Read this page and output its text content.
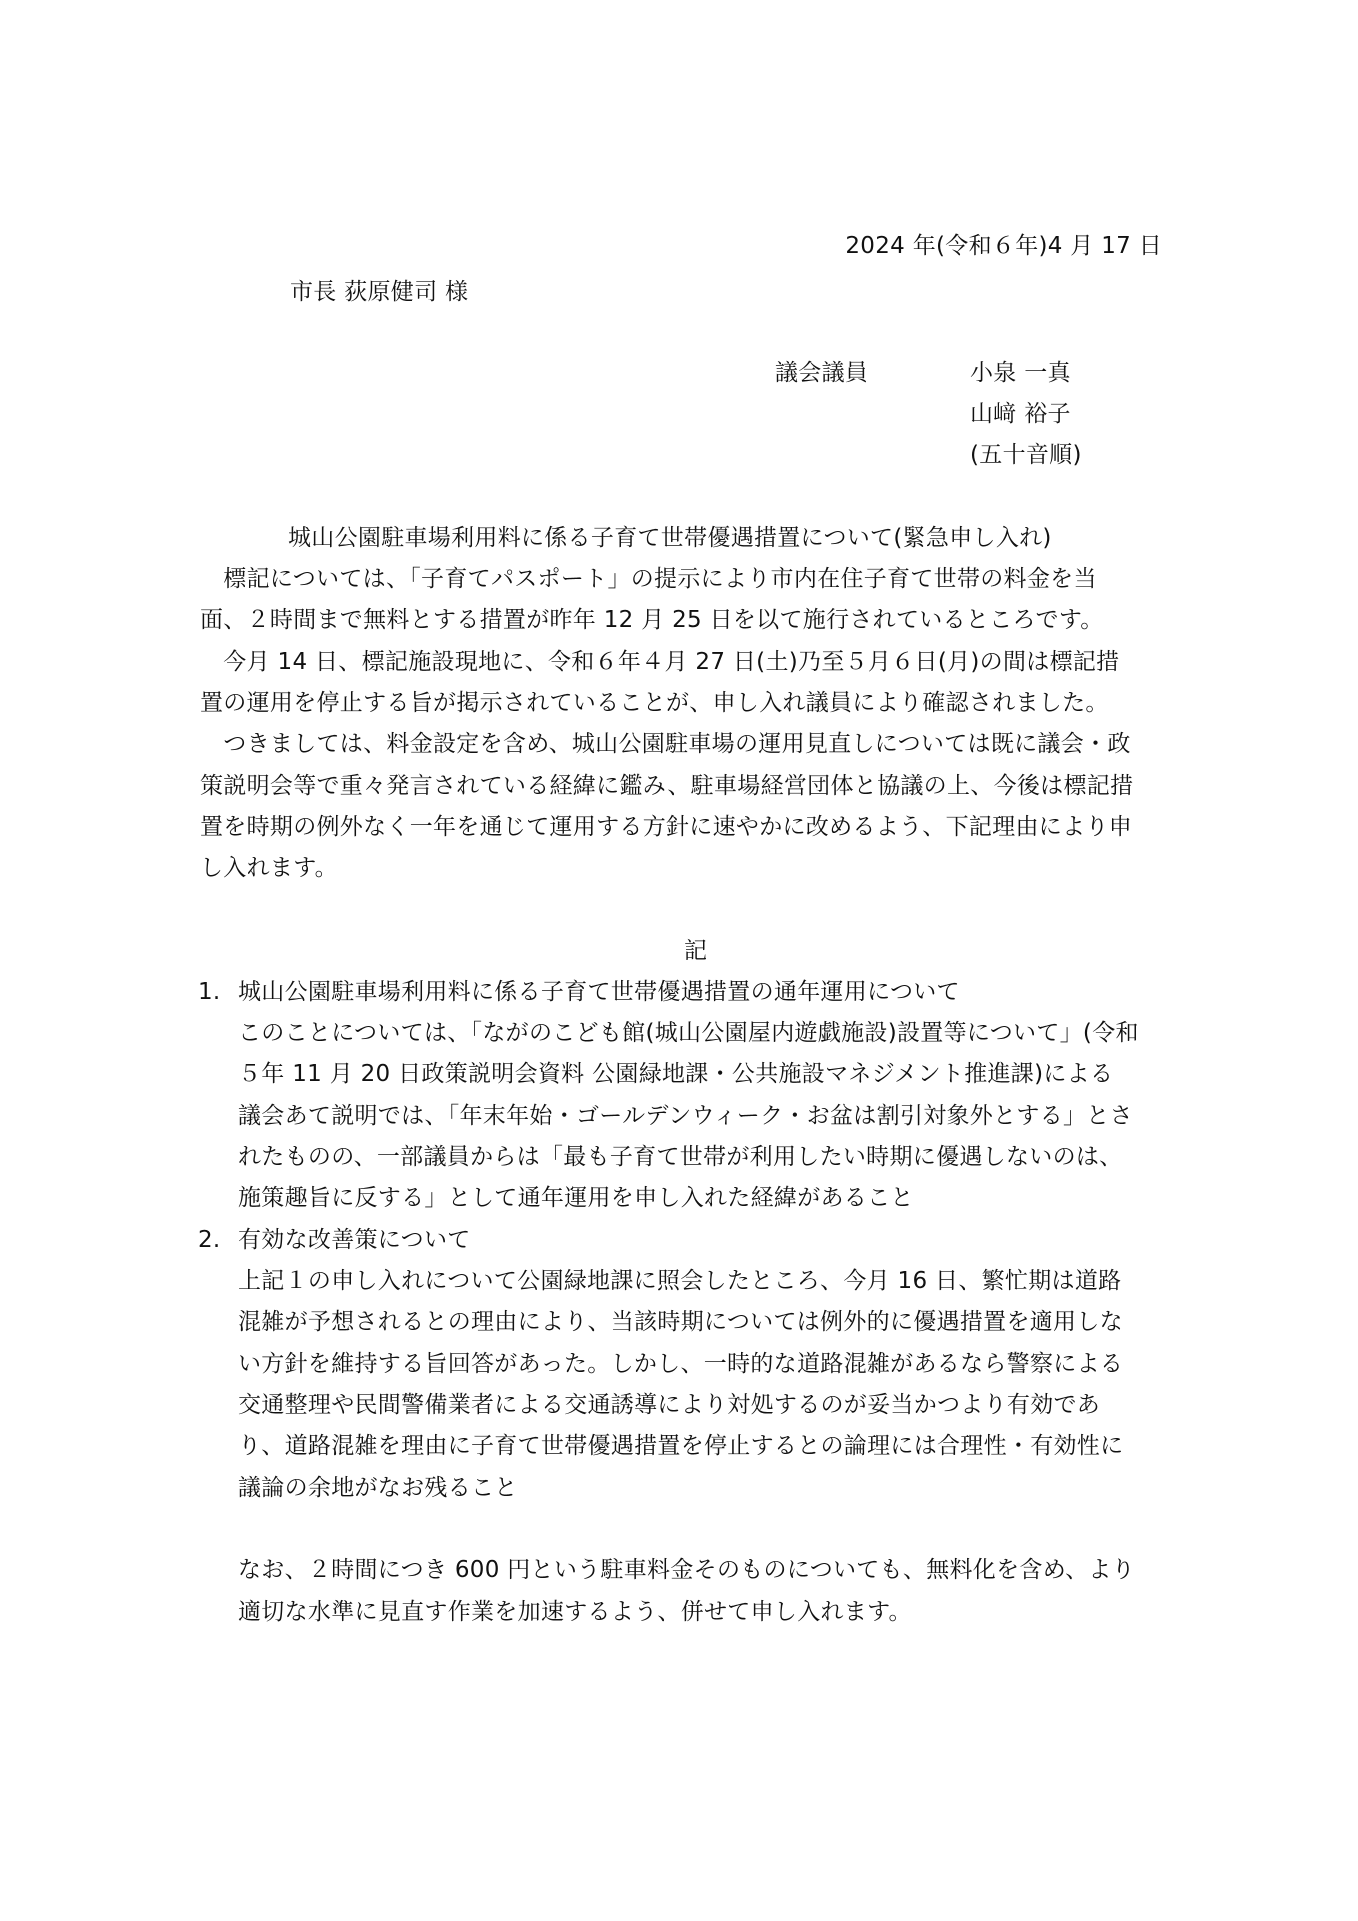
2024 年(令和６年)4 月 17 日
市長 荻原健司 様
議会議員	小泉 一真
山﨑 裕子
(五十音順)
城山公園駐車場利用料に係る子育て世帯優遇措置について(緊急申し入れ)
　標記については、「子育てパスポート」の提示により市内在住子育て世帯の料金を当
面、２時間まで無料とする措置が昨年 12 月 25 日を以て施行されているところです。
　今月 14 日、標記施設現地に、令和６年４月 27 日(土)乃至５月６日(月)の間は標記措
置の運用を停止する旨が掲示されていることが、申し入れ議員により確認されました。
　つきましては、料金設定を含め、城山公園駐車場の運用見直しについては既に議会・政
策説明会等で重々発言されている経緯に鑑み、駐車場経営団体と協議の上、今後は標記措
置を時期の例外なく一年を通じて運用する方針に速やかに改めるよう、下記理由により申
し入れます。
記
1. 城山公園駐車場利用料に係る子育て世帯優遇措置の通年運用について
このことについては、「ながのこども館(城山公園屋内遊戯施設)設置等について」(令和
５年 11 月 20 日政策説明会資料 公園緑地課・公共施設マネジメント推進課)による
議会あて説明では、「年末年始・ゴールデンウィーク・お盆は割引対象外とする」とさ
れたものの、一部議員からは「最も子育て世帯が利用したい時期に優遇しないのは、
施策趣旨に反する」として通年運用を申し入れた経緯があること
2. 有効な改善策について
上記１の申し入れについて公園緑地課に照会したところ、今月 16 日、繁忙期は道路
混雑が予想されるとの理由により、当該時期については例外的に優遇措置を適用しな
い方針を維持する旨回答があった。しかし、一時的な道路混雑があるなら警察による
交通整理や民間警備業者による交通誘導により対処するのが妥当かつより有効であ
り、道路混雑を理由に子育て世帯優遇措置を停止するとの論理には合理性・有効性に
議論の余地がなお残ること
なお、２時間につき 600 円という駐車料金そのものについても、無料化を含め、より
適切な水準に見直す作業を加速するよう、併せて申し入れます。
